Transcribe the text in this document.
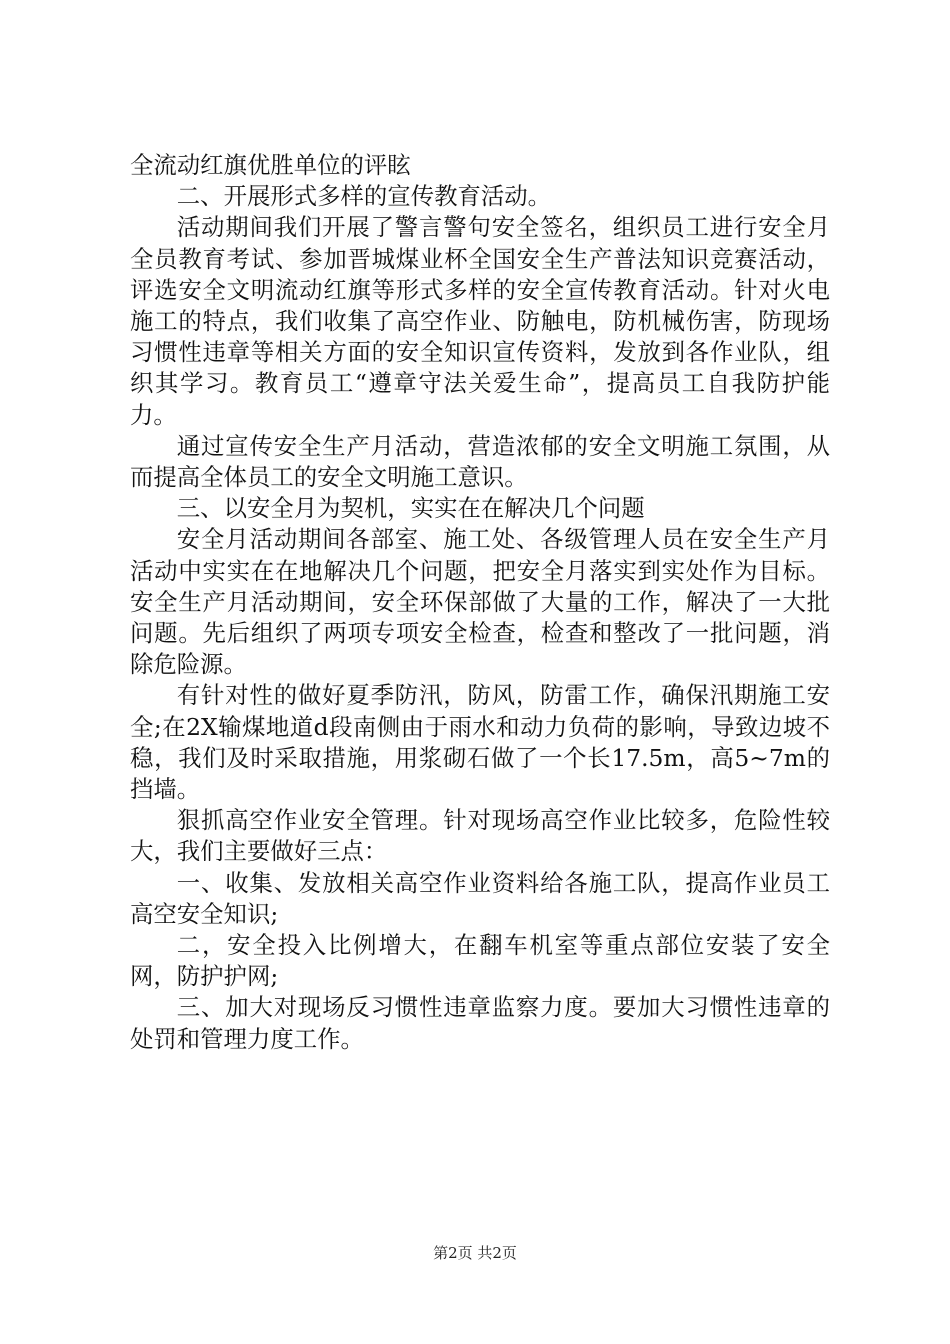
全流动红旗优胜单位的评眩

二、开展形式多样的宣传教育活动。

活动期间我们开展了警言警句安全签名，组织员工进行安全月全员教育考试、参加晋城煤业杯全国安全生产普法知识竞赛活动，评选安全文明流动红旗等形式多样的安全宣传教育活动。针对火电施工的特点，我们收集了高空作业、防触电，防机械伤害，防现场习惯性违章等相关方面的安全知识宣传资料，发放到各作业队，组织其学习。教育员工“遵章守法关爱生命”，提高员工自我防护能力。

通过宣传安全生产月活动，营造浓郁的安全文明施工氛围，从而提高全体员工的安全文明施工意识。

三、以安全月为契机，实实在在解决几个问题

安全月活动期间各部室、施工处、各级管理人员在安全生产月活动中实实在在地解决几个问题，把安全月落实到实处作为目标。安全生产月活动期间，安全环保部做了大量的工作，解决了一大批问题。先后组织了两项专项安全检查，检查和整改了一批问题，消除危险源。

有针对性的做好夏季防汛，防风，防雷工作，确保汛期施工安全;在2X输煤地道d段南侧由于雨水和动力负荷的影响，导致边坡不稳，我们及时采取措施，用浆砌石做了一个长17.5m，高5~7m的挡墙。

狠抓高空作业安全管理。针对现场高空作业比较多，危险性较大，我们主要做好三点：

一、收集、发放相关高空作业资料给各施工队，提高作业员工高空安全知识;

二，安全投入比例增大，在翻车机室等重点部位安装了安全网，防护护网;

三、加大对现场反习惯性违章监察力度。要加大习惯性违章的处罚和管理力度工作。

第2页 共2页
